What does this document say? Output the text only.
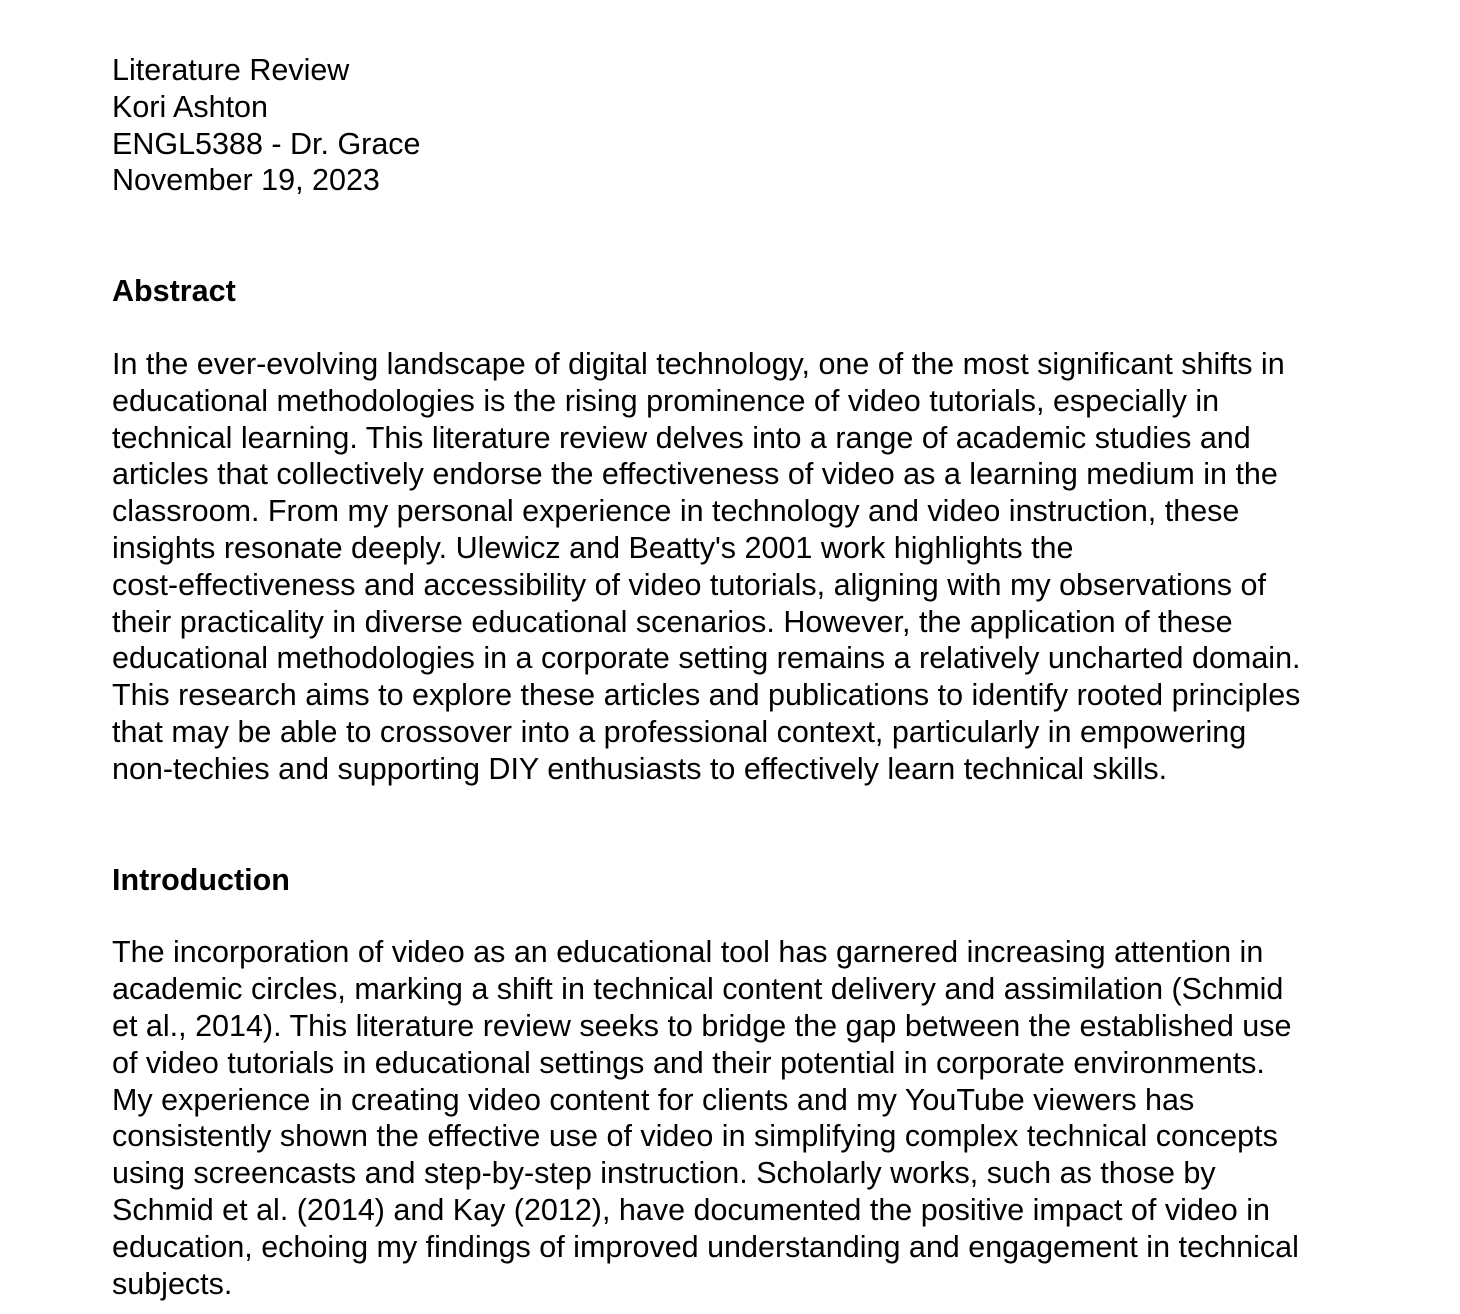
Literature Review

Kori Ashton

ENGL5388 - Dr. Grace

November 19, 2023

Abstract

In the ever-evolving landscape of digital technology, one of the most significant shifts in
educational methodologies is the rising prominence of video tutorials, especially in
technical learning. This literature review delves into a range of academic studies and
articles that collectively endorse the effectiveness of video as a learning medium in the
classroom. From my personal experience in technology and video instruction, these
insights resonate deeply. Ulewicz and Beatty's 2001 work highlights the
cost-effectiveness and accessibility of video tutorials, aligning with my observations of
their practicality in diverse educational scenarios. However, the application of these
educational methodologies in a corporate setting remains a relatively uncharted domain.
This research aims to explore these articles and publications to identify rooted principles
that may be able to crossover into a professional context, particularly in empowering
non-techies and supporting DIY enthusiasts to effectively learn technical skills.

Introduction

The incorporation of video as an educational tool has garnered increasing attention in
academic circles, marking a shift in technical content delivery and assimilation (Schmid
et al., 2014). This literature review seeks to bridge the gap between the established use
of video tutorials in educational settings and their potential in corporate environments.
My experience in creating video content for clients and my YouTube viewers has
consistently shown the effective use of video in simplifying complex technical concepts
using screencasts and step-by-step instruction. Scholarly works, such as those by
Schmid et al. (2014) and Kay (2012), have documented the positive impact of video in
education, echoing my findings of improved understanding and engagement in technical
subjects.
